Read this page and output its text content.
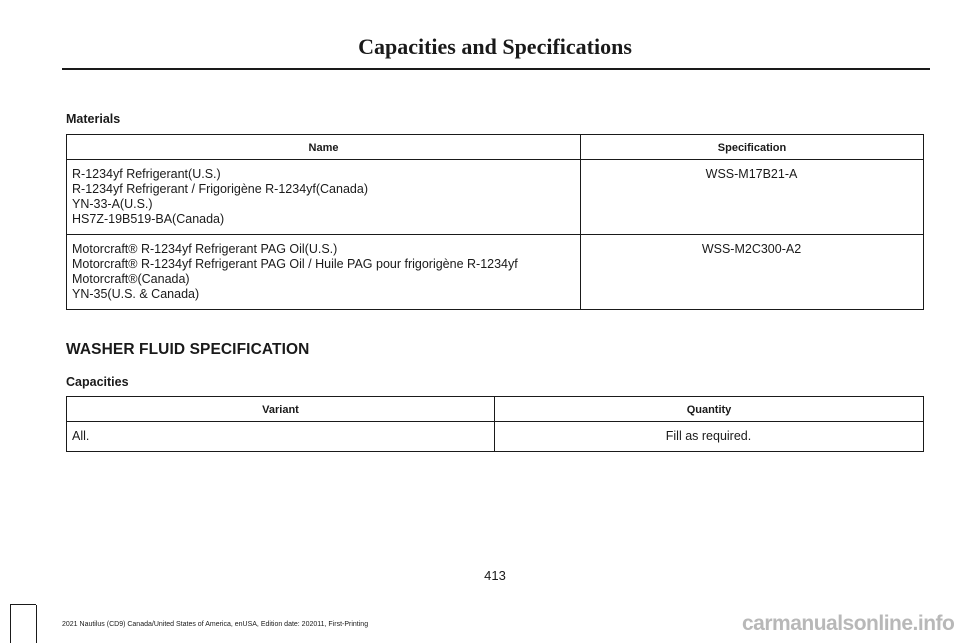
Capacities and Specifications
Materials
Name	Specification

R-1234yf Refrigerant(U.S.)
R-1234yf Refrigerant / Frigorigène R-1234yf(Canada)
YN-33-A(U.S.)
HS7Z-19B519-BA(Canada)	WSS-M17B21-A

Motorcraft® R-1234yf Refrigerant PAG Oil(U.S.)
Motorcraft® R-1234yf Refrigerant PAG Oil / Huile PAG pour frigorigène R-1234yf
Motorcraft®(Canada)
YN-35(U.S. & Canada)	WSS-M2C300-A2
WASHER FLUID SPECIFICATION
Capacities
Variant	Quantity
All.	Fill as required.
413
2021 Nautilus (CD9) Canada/United States of America, enUSA, Edition date: 202011, First-Printing	carmanualsonline.info
